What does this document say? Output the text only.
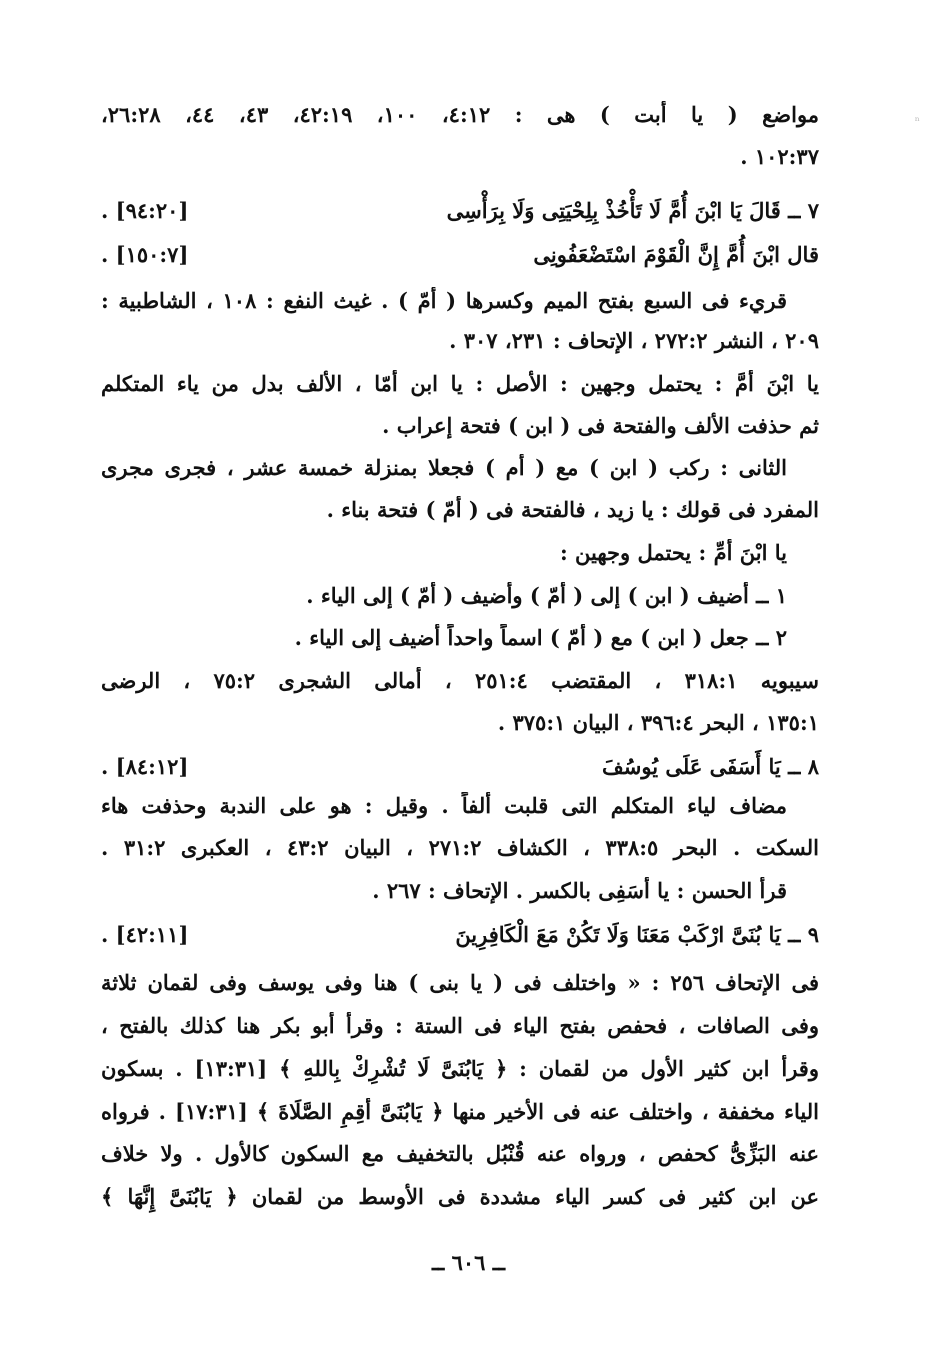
ⁿ
مواضع ( يا أبت ) هى : ٤:١٢، ١٠٠، ٤٢:١٩، ٤٣، ٤٤، ٢٦:٢٨،
١٠٢:٣٧ .
٧ ــ قَالَ يَا ابْنَ أُمَّ لَا تَأْخُذْ بِلِحْيَتِى وَلَا بِرَأْسِى
[٩٤:٢٠] .
قال ابْنَ أُمَّ إِنَّ الْقَوْمَ اسْتَضْعَفُونِى
[١٥٠:٧] .
قريء فى السبع بفتح الميم وكسرها ( أمّ ) . غيث النفع : ١٠٨ ، الشاطبية :
٢٠٩ ، النشر ٢٧٢:٢ ، الإتحاف : ٢٣١، ٣٠٧ .
يا ابْنَ أمَّ : يحتمل وجهين : الأصل : يا ابن أمّا ، الألف بدل من ياء المتكلم
ثم حذفت الألف والفتحة فى ( ابن ) فتحة إعراب .
الثانى : ركب ( ابن ) مع ( أم ) فجعلا بمنزلة خمسة عشر ، فجرى مجرى
المفرد فى قولك : يا زيد ، فالفتحة فى ( أمّ ) فتحة بناء .
يا ابْنَ أمِّ : يحتمل وجهين :
١ ــ أضيف ( ابن ) إلى ( أمّ ) وأضيف ( أمّ ) إلى الياء .
٢ ــ جعل ( ابن ) مع ( أمّ ) اسماً واحداً أضيف إلى الياء .
سيبويه ٣١٨:١ ، المقتضب ٢٥١:٤ ، أمالى الشجرى ٧٥:٢ ، الرضى
١٣٥:١ ، البحر ٣٩٦:٤ ، البيان ٣٧٥:١ .
٨ ــ يَا أَسَفَى عَلَى يُوسُفَ
[٨٤:١٢] .
مضاف لياء المتكلم التى قلبت ألفاً . وقيل : هو على الندبة وحذفت هاء
السكت . البحر ٣٣٨:٥ ، الكشاف ٢٧١:٢ ، البيان ٤٣:٢ ، العكبرى ٣١:٢ .
قرأ الحسن : يا أسَفِى بالكسر . الإتحاف : ٢٦٧ .
٩ ــ يَا بُنَىَّ ارْكَبْ مَعَنَا وَلَا تَكُنْ مَعَ الْكَافِرِينَ
[٤٢:١١] .
فى الإتحاف ٢٥٦ : « واختلف فى ( يا بنى ) هنا وفى يوسف وفى لقمان ثلاثة
وفى الصافات ، فحفص بفتح الياء فى الستة : وقرأ أبو بكر هنا كذلك بالفتح ،
وقرأ ابن كثير الأول من لقمان : ﴿ يَابُنَىَّ لَا تُشْرِكْ بِاللهِ ﴾ [١٣:٣١] . بسكون
الياء مخففة ، واختلف عنه فى الأخير منها ﴿ يَابُنَىَّ أَقِمِ الصَّلَاةَ ﴾ [١٧:٣١] . فرواه
عنه البَزِّىُّ كحفص ، ورواه عنه قُنْبُل بالتخفيف مع السكون كالأول . ولا خلاف
عن ابن كثير فى كسر الياء مشددة فى الأوسط من لقمان ﴿ يَابُنَىَّ إِنَّهَا ﴾
ــ ٦٠٦ ــ
